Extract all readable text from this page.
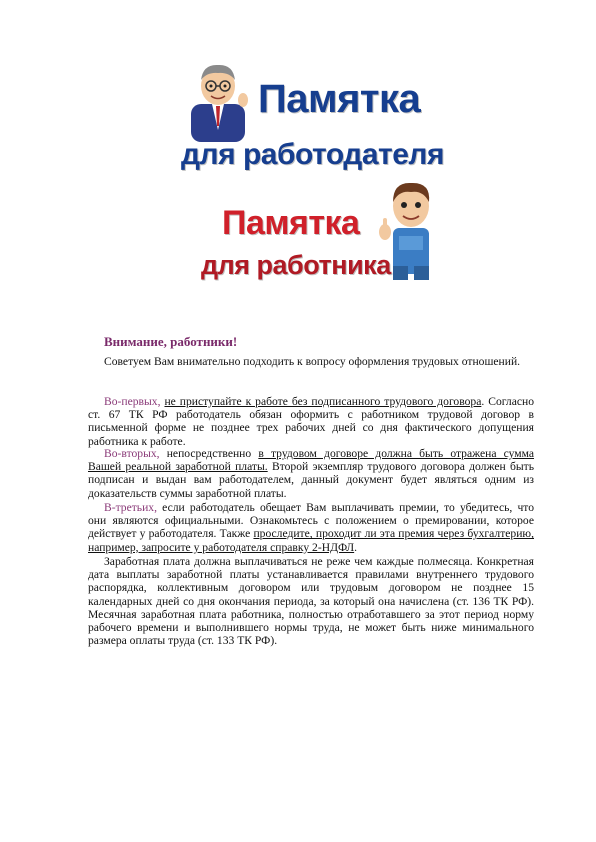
Памятка
для работодателя
Памятка
для работника
Внимание, работники!
Советуем Вам внимательно подходить к вопросу оформления трудовых отношений.
Во-первых, не приступайте к работе без подписанного трудового договора. Согласно ст. 67 ТК РФ работодатель обязан оформить с работником трудовой договор в письменной форме не позднее трех рабочих дней со дня фактического допущения работника к работе.
Во-вторых, непосредственно в трудовом договоре должна быть отражена сумма Вашей реальной заработной платы. Второй экземпляр трудового договора должен быть подписан и выдан вам работодателем, данный документ будет являться одним из доказательств суммы заработной платы.
В-третьих, если работодатель обещает Вам выплачивать премии, то убедитесь, что они являются официальными. Ознакомьтесь с положением о премировании, которое действует у работодателя. Также проследите, проходит ли эта премия через бухгалтерию, например, запросите у работодателя справку 2-НДФЛ.
Заработная плата должна выплачиваться не реже чем каждые полмесяца. Конкретная дата выплаты заработной платы устанавливается правилами внутреннего трудового распорядка, коллективным договором или трудовым договором не позднее 15 календарных дней со дня окончания периода, за который она начислена (ст. 136 ТК РФ). Месячная заработная плата работника, полностью отработавшего за этот период норму рабочего времени и выполнившего нормы труда, не может быть ниже минимального размера оплаты труда (ст. 133 ТК РФ).
